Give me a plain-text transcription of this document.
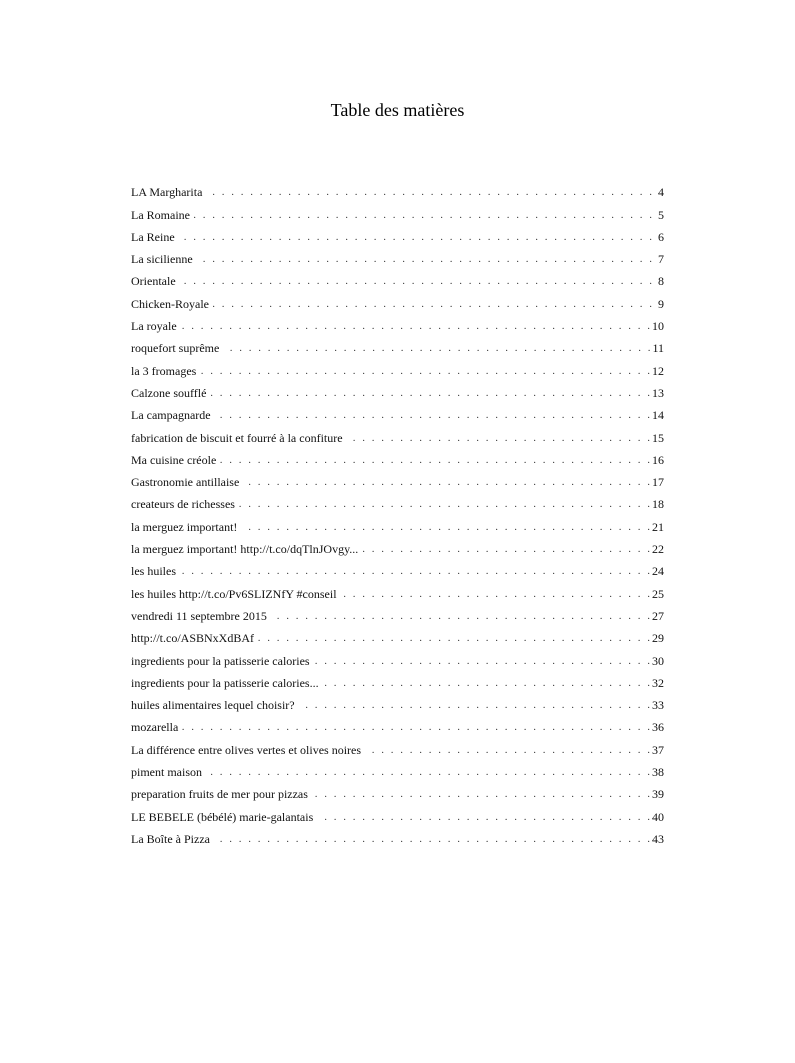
Table des matières
LA Margharita . . .	4
La Romaine . . .	5
La Reine . . .	6
La sicilienne . . .	7
Orientale . . .	8
Chicken-Royale . . .	9
La royale . . .	10
roquefort suprême . . .	11
la 3 fromages . . .	12
Calzone soufflé . . .	13
La campagnarde . . .	14
fabrication de biscuit et fourré à la confiture . . .	15
Ma cuisine créole . . .	16
Gastronomie antillaise . . .	17
createurs de richesses . . .	18
la merguez important! . . .	21
la merguez important! http://t.co/dqTlnJOvgy... . . .	22
les huiles . . .	24
les huiles http://t.co/Pv6SLIZNfY #conseil . . .	25
vendredi 11 septembre 2015 . . .	27
http://t.co/ASBNxXdBAf . . .	29
ingredients pour la patisserie calories . . .	30
ingredients pour la patisserie calories... . . .	32
huiles alimentaires lequel choisir? . . .	33
mozarella . . .	36
La différence entre olives vertes et olives noires . . .	37
piment maison . . .	38
preparation fruits de mer pour pizzas . . .	39
LE BEBELE (bébélé) marie-galantais . . .	40
La Boîte à Pizza . . .	43
